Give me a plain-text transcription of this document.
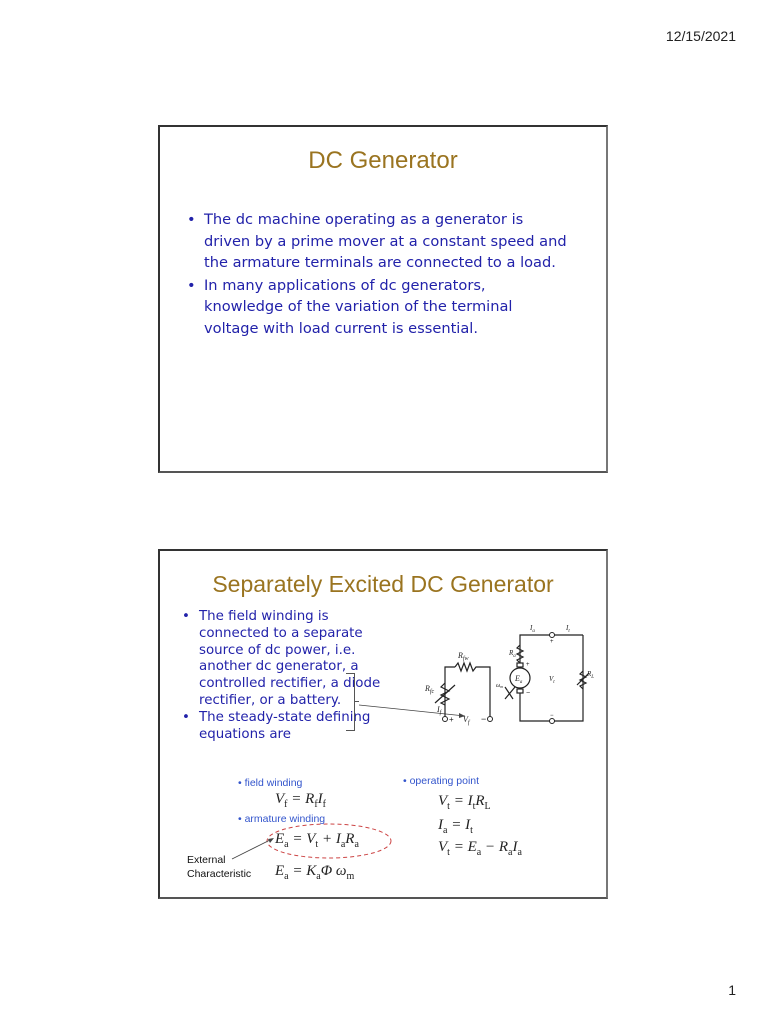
12/15/2021
DC Generator
• The dc machine operating as a generator is driven by a prime mover at a constant speed and the armature terminals are connected to a load.
• In many applications of dc generators, knowledge of the variation of the terminal voltage with load current is essential.
Separately Excited DC Generator
• The field winding is connected to a separate source of dc power, i.e. another dc generator, a controlled rectifier, a diode rectifier, or a battery.
• The steady-state defining equations are
$R_{fc}$
$R_{fw}$
$I_f$
+ $V_f$ −
$E_a$
$R_a$
$I_a$	$I_t$
$V_t$
$R_L$
ωm
+
−
+
−
• field winding
$V_f = R_fI_f$
• armature winding
$E_a = V_t + I_aR_a$
$E_a = K_a\Phi$ $\omega_m$
External
Characteristic
• operating point
$V_t = I_tR_L$
$I_a = I_t$
$V_t = E_a - R_aI_a$
1
